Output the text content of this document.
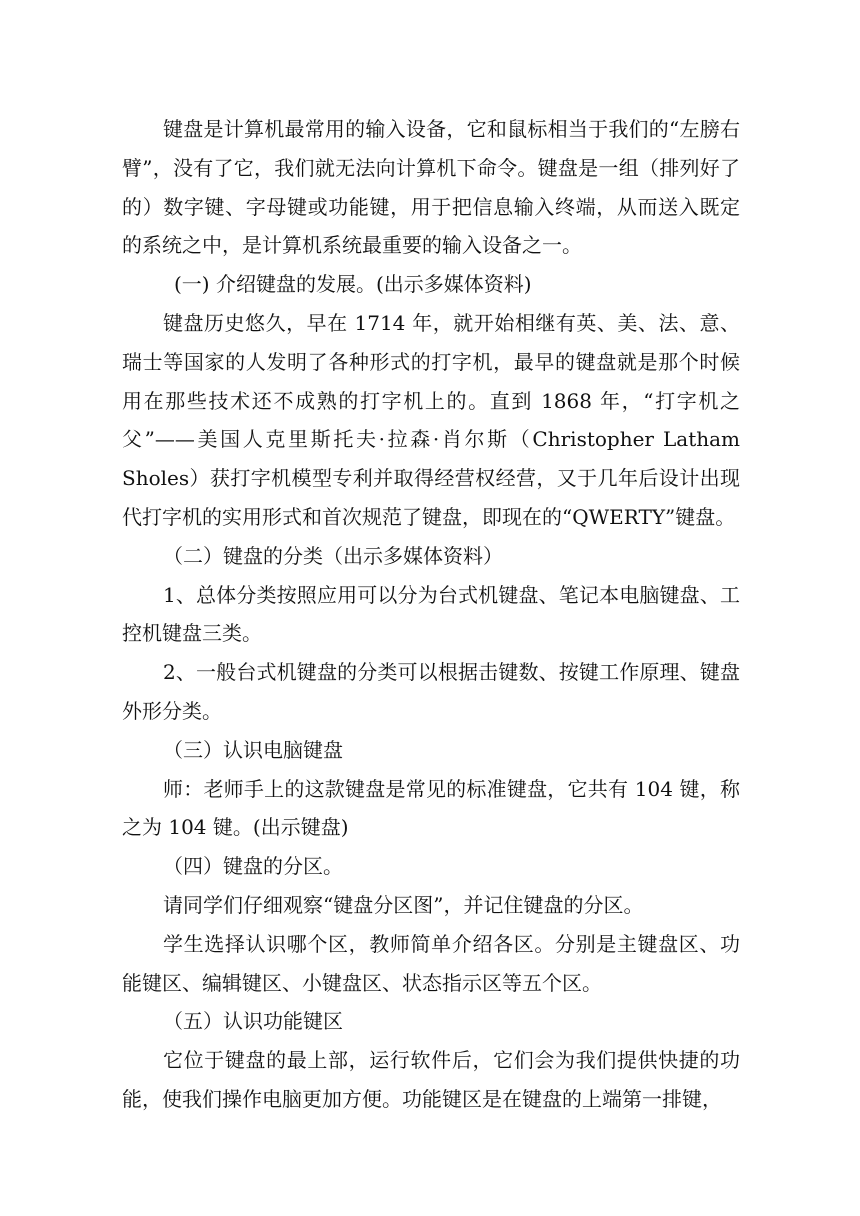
键盘是计算机最常用的输入设备，它和鼠标相当于我们的“左膀右臂”，没有了它，我们就无法向计算机下命令。键盘是一组（排列好了的）数字键、字母键或功能键，用于把信息输入终端，从而送入既定的系统之中，是计算机系统最重要的输入设备之一。

(一) 介绍键盘的发展。(出示多媒体资料)

键盘历史悠久，早在 1714 年，就开始相继有英、美、法、意、瑞士等国家的人发明了各种形式的打字机，最早的键盘就是那个时候用在那些技术还不成熟的打字机上的。直到 1868 年，“打字机之父”——美国人克里斯托夫·拉森·肖尔斯（Christopher Latham Sholes）获打字机模型专利并取得经营权经营，又于几年后设计出现代打字机的实用形式和首次规范了键盘，即现在的“QWERTY”键盘。

（二）键盘的分类（出示多媒体资料）

1、总体分类按照应用可以分为台式机键盘、笔记本电脑键盘、工控机键盘三类。

2、一般台式机键盘的分类可以根据击键数、按键工作原理、键盘外形分类。

（三）认识电脑键盘

师：老师手上的这款键盘是常见的标准键盘，它共有 104 键，称之为 104 键。(出示键盘)

（四）键盘的分区。

请同学们仔细观察“键盘分区图”，并记住键盘的分区。

学生选择认识哪个区，教师简单介绍各区。分别是主键盘区、功能键区、编辑键区、小键盘区、状态指示区等五个区。

（五）认识功能键区

它位于键盘的最上部，运行软件后，它们会为我们提供快捷的功能，使我们操作电脑更加方便。功能键区是在键盘的上端第一排键，
